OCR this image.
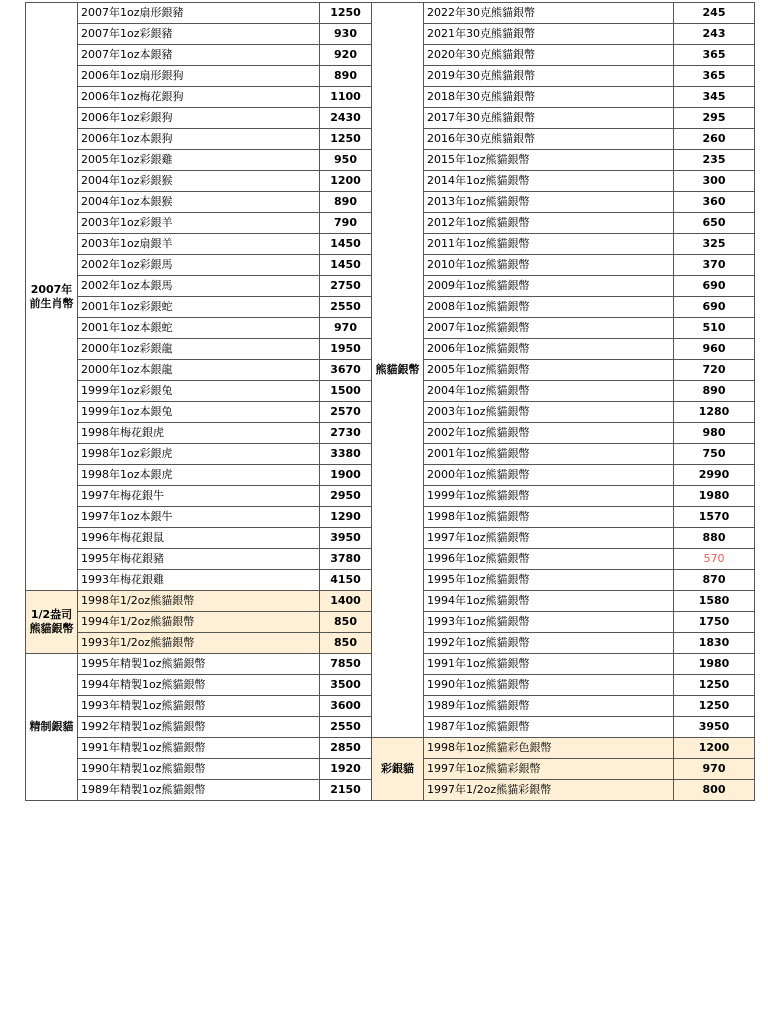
2007年
前生肖幣	2007年1oz扇形銀豬	1250	熊貓銀幣	2022年30克熊貓銀幣	245
	2007年1oz彩銀豬	930		2021年30克熊貓銀幣	243
	2007年1oz本銀豬	920		2020年30克熊貓銀幣	365
	2006年1oz扇形銀狗	890		2019年30克熊貓銀幣	365
	2006年1oz梅花銀狗	1100		2018年30克熊貓銀幣	345
	2006年1oz彩銀狗	2430		2017年30克熊貓銀幣	295
	2006年1oz本銀狗	1250		2016年30克熊貓銀幣	260
	2005年1oz彩銀雞	950		2015年1oz熊貓銀幣	235
	2004年1oz彩銀猴	1200		2014年1oz熊貓銀幣	300
	2004年1oz本銀猴	890		2013年1oz熊貓銀幣	360
	2003年1oz彩銀羊	790		2012年1oz熊貓銀幣	650
	2003年1oz扇銀羊	1450		2011年1oz熊貓銀幣	325
	2002年1oz彩銀馬	1450		2010年1oz熊貓銀幣	370
	2002年1oz本銀馬	2750		2009年1oz熊貓銀幣	690
	2001年1oz彩銀蛇	2550		2008年1oz熊貓銀幣	690
	2001年1oz本銀蛇	970		2007年1oz熊貓銀幣	510
	2000年1oz彩銀龍	1950		2006年1oz熊貓銀幣	960
	2000年1oz本銀龍	3670		2005年1oz熊貓銀幣	720
	1999年1oz彩銀兔	1500		2004年1oz熊貓銀幣	890
	1999年1oz本銀兔	2570		2003年1oz熊貓銀幣	1280
	1998年梅花銀虎	2730		2002年1oz熊貓銀幣	980
	1998年1oz彩銀虎	3380		2001年1oz熊貓銀幣	750
	1998年1oz本銀虎	1900		2000年1oz熊貓銀幣	2990
	1997年梅花銀牛	2950		1999年1oz熊貓銀幣	1980
	1997年1oz本銀牛	1290		1998年1oz熊貓銀幣	1570
	1996年梅花銀鼠	3950		1997年1oz熊貓銀幣	880
	1995年梅花銀豬	3780		1996年1oz熊貓銀幣	570
	1993年梅花銀雞	4150		1995年1oz熊貓銀幣	870

1/2盎司
熊貓銀幣	1998年1/2oz熊貓銀幣	1400		1994年1oz熊貓銀幣	1580
	1994年1/2oz熊貓銀幣	850		1993年1oz熊貓銀幣	1750
	1993年1/2oz熊貓銀幣	850		1992年1oz熊貓銀幣	1830

精制銀貓	1995年精製1oz熊貓銀幣	7850		1991年1oz熊貓銀幣	1980
	1994年精製1oz熊貓銀幣	3500		1990年1oz熊貓銀幣	1250
	1993年精製1oz熊貓銀幣	3600		1989年1oz熊貓銀幣	1250
	1992年精製1oz熊貓銀幣	2550		1987年1oz熊貓銀幣	3950
	1991年精製1oz熊貓銀幣	2850	彩銀貓	1998年1oz熊貓彩色銀幣	1200
	1990年精製1oz熊貓銀幣	1920		1997年1oz熊貓彩銀幣	970
	1989年精製1oz熊貓銀幣	2150		1997年1/2oz熊貓彩銀幣	800
